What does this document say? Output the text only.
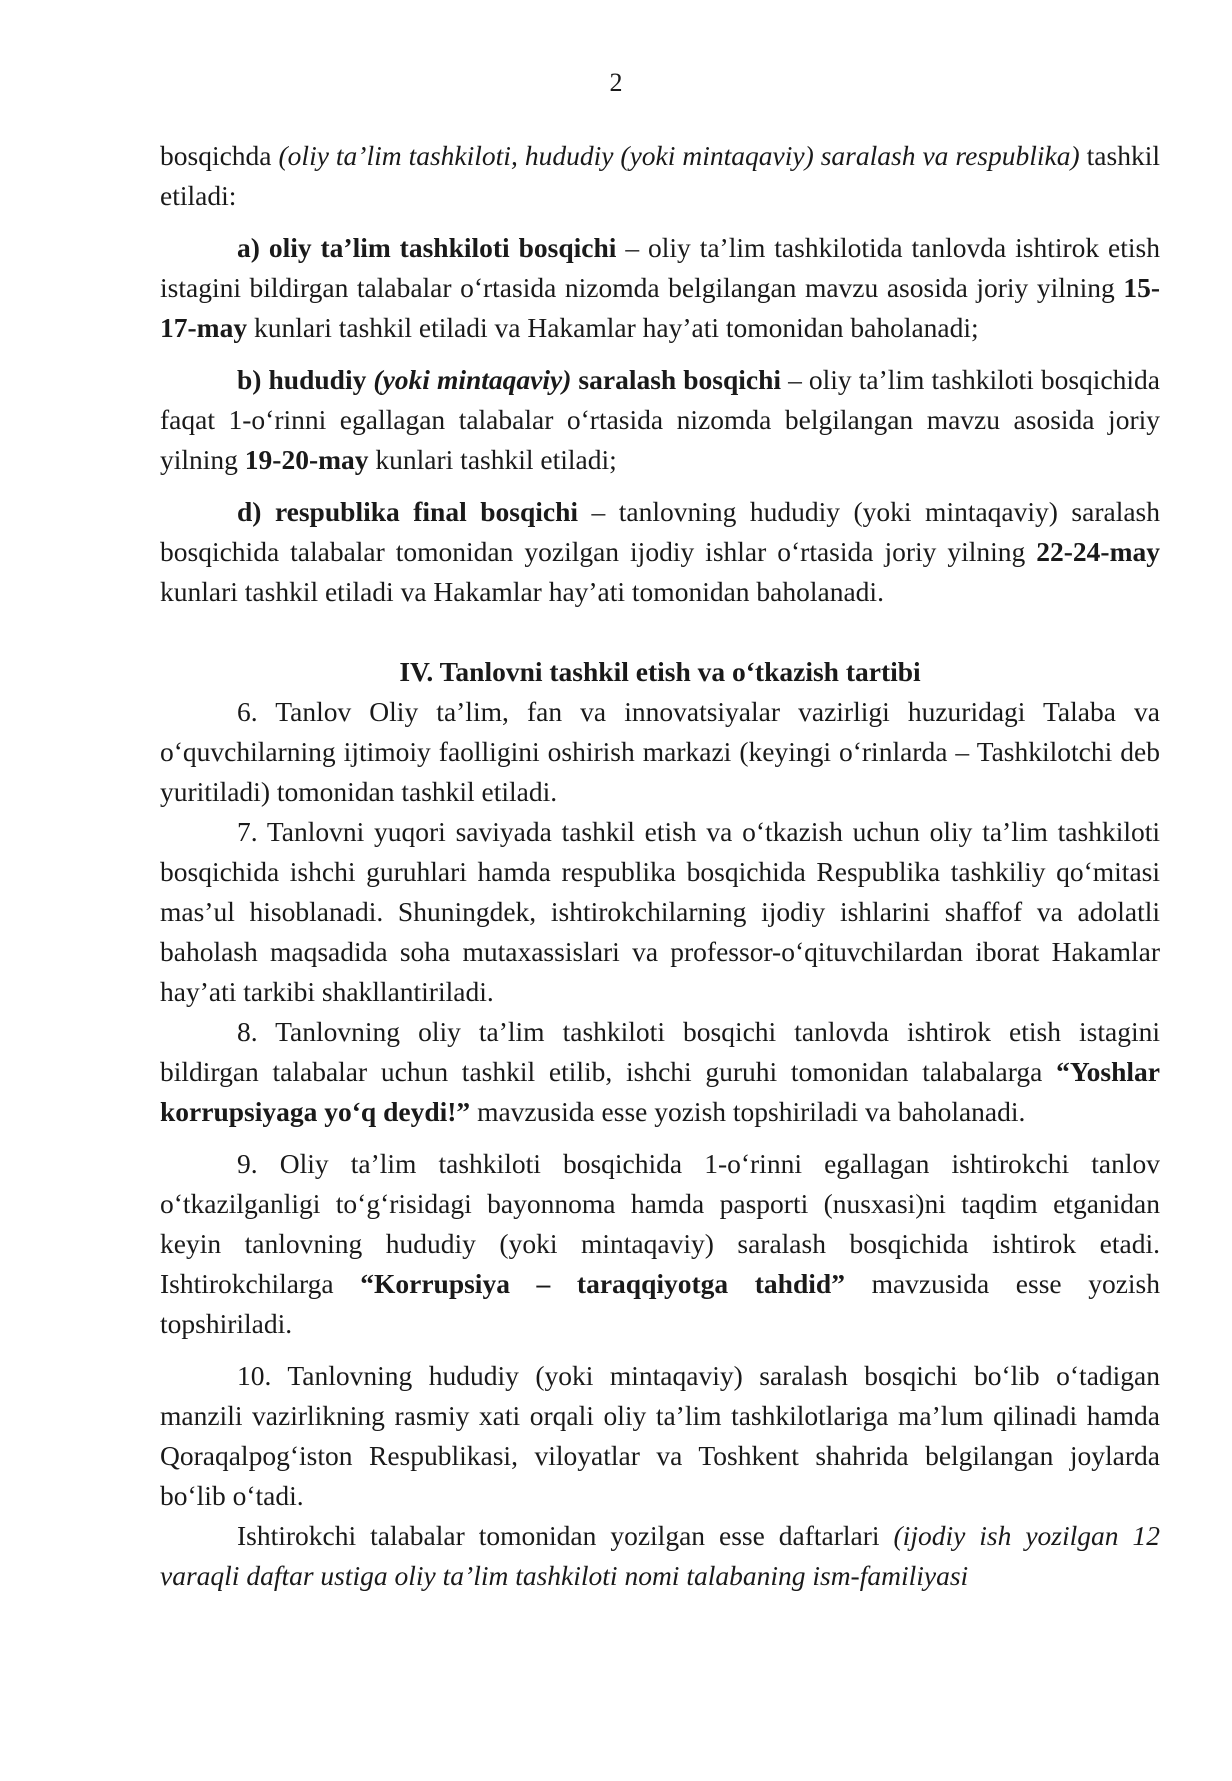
2

bosqichda (oliy ta’lim tashkiloti, hududiy (yoki mintaqaviy) saralash va respublika) tashkil etiladi:

a) oliy ta’lim tashkiloti bosqichi – oliy ta’lim tashkilotida tanlovda ishtirok etish istagini bildirgan talabalar o‘rtasida nizomda belgilangan mavzu asosida joriy yilning 15-17-may kunlari tashkil etiladi va Hakamlar hay’ati tomonidan baholanadi;

b) hududiy (yoki mintaqaviy) saralash bosqichi – oliy ta’lim tashkiloti bosqichida faqat 1-o‘rinni egallagan talabalar o‘rtasida nizomda belgilangan mavzu asosida joriy yilning 19-20-may kunlari tashkil etiladi;

d) respublika final bosqichi – tanlovning hududiy (yoki mintaqaviy) saralash bosqichida talabalar tomonidan yozilgan ijodiy ishlar o‘rtasida joriy yilning 22-24-may kunlari tashkil etiladi va Hakamlar hay’ati tomonidan baholanadi.

IV. Tanlovni tashkil etish va o‘tkazish tartibi

6. Tanlov Oliy ta’lim, fan va innovatsiyalar vazirligi huzuridagi Talaba va o‘quvchilarning ijtimoiy faolligini oshirish markazi (keyingi o‘rinlarda – Tashkilotchi deb yuritiladi) tomonidan tashkil etiladi.

7. Tanlovni yuqori saviyada tashkil etish va o‘tkazish uchun oliy ta’lim tashkiloti bosqichida ishchi guruhlari hamda respublika bosqichida Respublika tashkiliy qo‘mitasi mas’ul hisoblanadi. Shuningdek, ishtirokchilarning ijodiy ishlarini shaffof va adolatli baholash maqsadida soha mutaxassislari va professor-o‘qituvchilardan iborat Hakamlar hay’ati tarkibi shakllantiriladi.

8. Tanlovning oliy ta’lim tashkiloti bosqichi tanlovda ishtirok etish istagini bildirgan talabalar uchun tashkil etilib, ishchi guruhi tomonidan talabalarga “Yoshlar korrupsiyaga yo‘q deydi!” mavzusida esse yozish topshiriladi va baholanadi.

9. Oliy ta’lim tashkiloti bosqichida 1-o‘rinni egallagan ishtirokchi tanlov o‘tkazilganligi to‘g‘risidagi bayonnoma hamda pasporti (nusxasi)ni taqdim etganidan keyin tanlovning hududiy (yoki mintaqaviy) saralash bosqichida ishtirok etadi. Ishtirokchilarga “Korrupsiya – taraqqiyotga tahdid” mavzusida esse yozish topshiriladi.

10. Tanlovning hududiy (yoki mintaqaviy) saralash bosqichi bo‘lib o‘tadigan manzili vazirlikning rasmiy xati orqali oliy ta’lim tashkilotlariga ma’lum qilinadi hamda Qoraqalpog‘iston Respublikasi, viloyatlar va Toshkent shahrida belgilangan joylarda bo‘lib o‘tadi.

Ishtirokchi talabalar tomonidan yozilgan esse daftarlari (ijodiy ish yozilgan 12 varaqli daftar ustiga oliy ta’lim tashkiloti nomi talabaning ism-familiyasi
